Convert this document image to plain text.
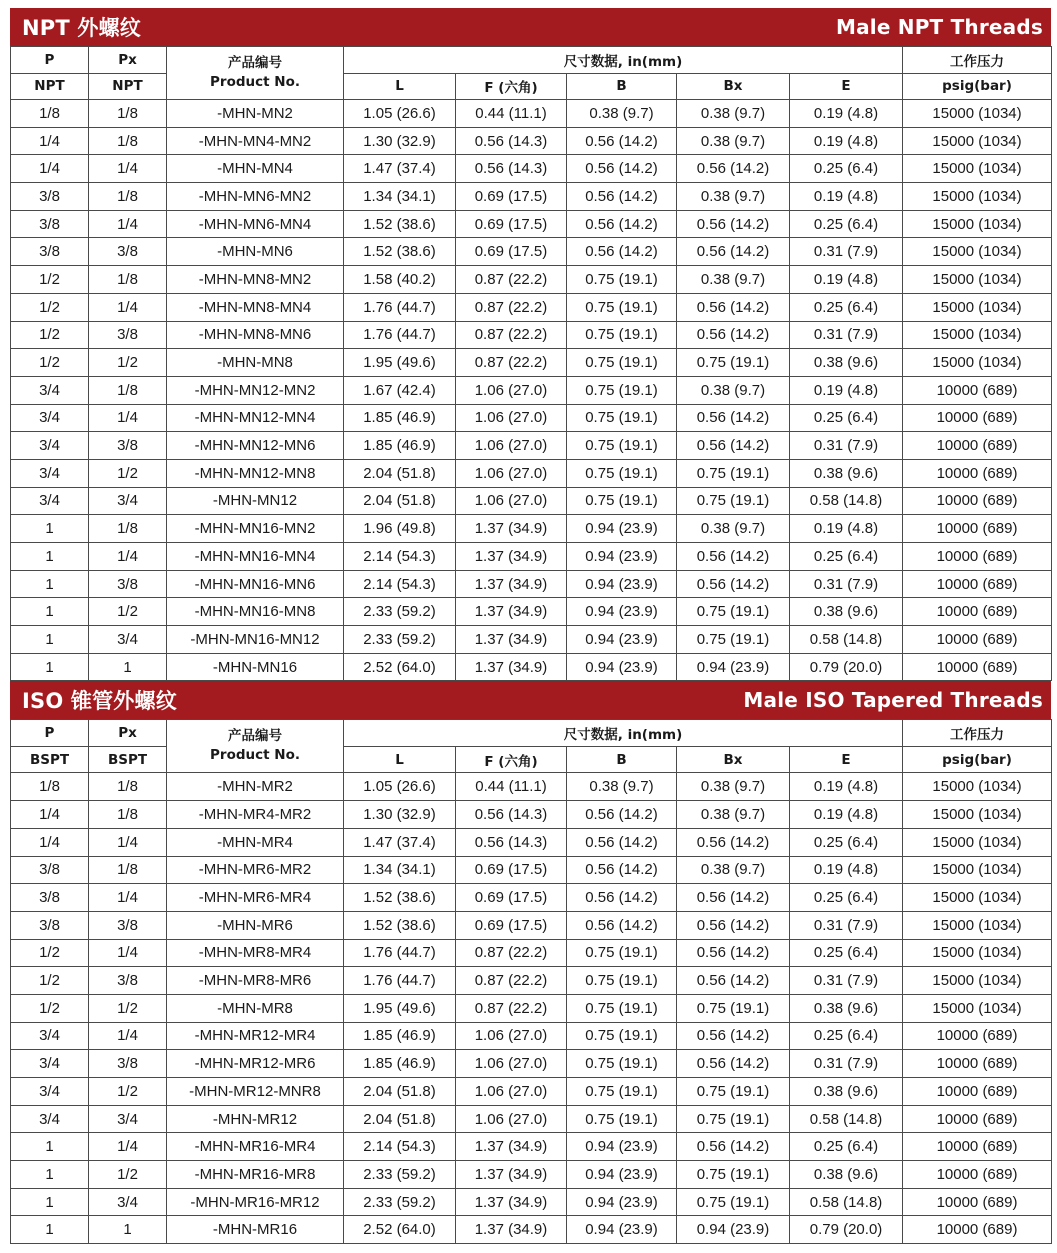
NPT 外螺纹	Male NPT Threads
P	Px	产品编号
Product No.	尺寸数据, in(mm)					工作压力
NPT	NPT		L	F (六角)	B	Bx	E	psig(bar)
1/8	1/8	-MHN-MN2	1.05 (26.6)	0.44 (11.1)	0.38 (9.7)	0.38 (9.7)	0.19 (4.8)	15000 (1034)
1/4	1/8	-MHN-MN4-MN2	1.30 (32.9)	0.56 (14.3)	0.56 (14.2)	0.38 (9.7)	0.19 (4.8)	15000 (1034)
1/4	1/4	-MHN-MN4	1.47 (37.4)	0.56 (14.3)	0.56 (14.2)	0.56 (14.2)	0.25 (6.4)	15000 (1034)
3/8	1/8	-MHN-MN6-MN2	1.34 (34.1)	0.69 (17.5)	0.56 (14.2)	0.38 (9.7)	0.19 (4.8)	15000 (1034)
3/8	1/4	-MHN-MN6-MN4	1.52 (38.6)	0.69 (17.5)	0.56 (14.2)	0.56 (14.2)	0.25 (6.4)	15000 (1034)
3/8	3/8	-MHN-MN6	1.52 (38.6)	0.69 (17.5)	0.56 (14.2)	0.56 (14.2)	0.31 (7.9)	15000 (1034)
1/2	1/8	-MHN-MN8-MN2	1.58 (40.2)	0.87 (22.2)	0.75 (19.1)	0.38 (9.7)	0.19 (4.8)	15000 (1034)
1/2	1/4	-MHN-MN8-MN4	1.76 (44.7)	0.87 (22.2)	0.75 (19.1)	0.56 (14.2)	0.25 (6.4)	15000 (1034)
1/2	3/8	-MHN-MN8-MN6	1.76 (44.7)	0.87 (22.2)	0.75 (19.1)	0.56 (14.2)	0.31 (7.9)	15000 (1034)
1/2	1/2	-MHN-MN8	1.95 (49.6)	0.87 (22.2)	0.75 (19.1)	0.75 (19.1)	0.38 (9.6)	15000 (1034)
3/4	1/8	-MHN-MN12-MN2	1.67 (42.4)	1.06 (27.0)	0.75 (19.1)	0.38 (9.7)	0.19 (4.8)	10000 (689)
3/4	1/4	-MHN-MN12-MN4	1.85 (46.9)	1.06 (27.0)	0.75 (19.1)	0.56 (14.2)	0.25 (6.4)	10000 (689)
3/4	3/8	-MHN-MN12-MN6	1.85 (46.9)	1.06 (27.0)	0.75 (19.1)	0.56 (14.2)	0.31 (7.9)	10000 (689)
3/4	1/2	-MHN-MN12-MN8	2.04 (51.8)	1.06 (27.0)	0.75 (19.1)	0.75 (19.1)	0.38 (9.6)	10000 (689)
3/4	3/4	-MHN-MN12	2.04 (51.8)	1.06 (27.0)	0.75 (19.1)	0.75 (19.1)	0.58 (14.8)	10000 (689)
1	1/8	-MHN-MN16-MN2	1.96 (49.8)	1.37 (34.9)	0.94 (23.9)	0.38 (9.7)	0.19 (4.8)	10000 (689)
1	1/4	-MHN-MN16-MN4	2.14 (54.3)	1.37 (34.9)	0.94 (23.9)	0.56 (14.2)	0.25 (6.4)	10000 (689)
1	3/8	-MHN-MN16-MN6	2.14 (54.3)	1.37 (34.9)	0.94 (23.9)	0.56 (14.2)	0.31 (7.9)	10000 (689)
1	1/2	-MHN-MN16-MN8	2.33 (59.2)	1.37 (34.9)	0.94 (23.9)	0.75 (19.1)	0.38 (9.6)	10000 (689)
1	3/4	-MHN-MN16-MN12	2.33 (59.2)	1.37 (34.9)	0.94 (23.9)	0.75 (19.1)	0.58 (14.8)	10000 (689)
1	1	-MHN-MN16	2.52 (64.0)	1.37 (34.9)	0.94 (23.9)	0.94 (23.9)	0.79 (20.0)	10000 (689)
ISO 锥管外螺纹	Male ISO Tapered Threads
P	Px	产品编号
Product No.	尺寸数据, in(mm)					工作压力
BSPT	BSPT		L	F (六角)	B	Bx	E	psig(bar)
1/8	1/8	-MHN-MR2	1.05 (26.6)	0.44 (11.1)	0.38 (9.7)	0.38 (9.7)	0.19 (4.8)	15000 (1034)
1/4	1/8	-MHN-MR4-MR2	1.30 (32.9)	0.56 (14.3)	0.56 (14.2)	0.38 (9.7)	0.19 (4.8)	15000 (1034)
1/4	1/4	-MHN-MR4	1.47 (37.4)	0.56 (14.3)	0.56 (14.2)	0.56 (14.2)	0.25 (6.4)	15000 (1034)
3/8	1/8	-MHN-MR6-MR2	1.34 (34.1)	0.69 (17.5)	0.56 (14.2)	0.38 (9.7)	0.19 (4.8)	15000 (1034)
3/8	1/4	-MHN-MR6-MR4	1.52 (38.6)	0.69 (17.5)	0.56 (14.2)	0.56 (14.2)	0.25 (6.4)	15000 (1034)
3/8	3/8	-MHN-MR6	1.52 (38.6)	0.69 (17.5)	0.56 (14.2)	0.56 (14.2)	0.31 (7.9)	15000 (1034)
1/2	1/4	-MHN-MR8-MR4	1.76 (44.7)	0.87 (22.2)	0.75 (19.1)	0.56 (14.2)	0.25 (6.4)	15000 (1034)
1/2	3/8	-MHN-MR8-MR6	1.76 (44.7)	0.87 (22.2)	0.75 (19.1)	0.56 (14.2)	0.31 (7.9)	15000 (1034)
1/2	1/2	-MHN-MR8	1.95 (49.6)	0.87 (22.2)	0.75 (19.1)	0.75 (19.1)	0.38 (9.6)	15000 (1034)
3/4	1/4	-MHN-MR12-MR4	1.85 (46.9)	1.06 (27.0)	0.75 (19.1)	0.56 (14.2)	0.25 (6.4)	10000 (689)
3/4	3/8	-MHN-MR12-MR6	1.85 (46.9)	1.06 (27.0)	0.75 (19.1)	0.56 (14.2)	0.31 (7.9)	10000 (689)
3/4	1/2	-MHN-MR12-MNR8	2.04 (51.8)	1.06 (27.0)	0.75 (19.1)	0.75 (19.1)	0.38 (9.6)	10000 (689)
3/4	3/4	-MHN-MR12	2.04 (51.8)	1.06 (27.0)	0.75 (19.1)	0.75 (19.1)	0.58 (14.8)	10000 (689)
1	1/4	-MHN-MR16-MR4	2.14 (54.3)	1.37 (34.9)	0.94 (23.9)	0.56 (14.2)	0.25 (6.4)	10000 (689)
1	1/2	-MHN-MR16-MR8	2.33 (59.2)	1.37 (34.9)	0.94 (23.9)	0.75 (19.1)	0.38 (9.6)	10000 (689)
1	3/4	-MHN-MR16-MR12	2.33 (59.2)	1.37 (34.9)	0.94 (23.9)	0.75 (19.1)	0.58 (14.8)	10000 (689)
1	1	-MHN-MR16	2.52 (64.0)	1.37 (34.9)	0.94 (23.9)	0.94 (23.9)	0.79 (20.0)	10000 (689)
